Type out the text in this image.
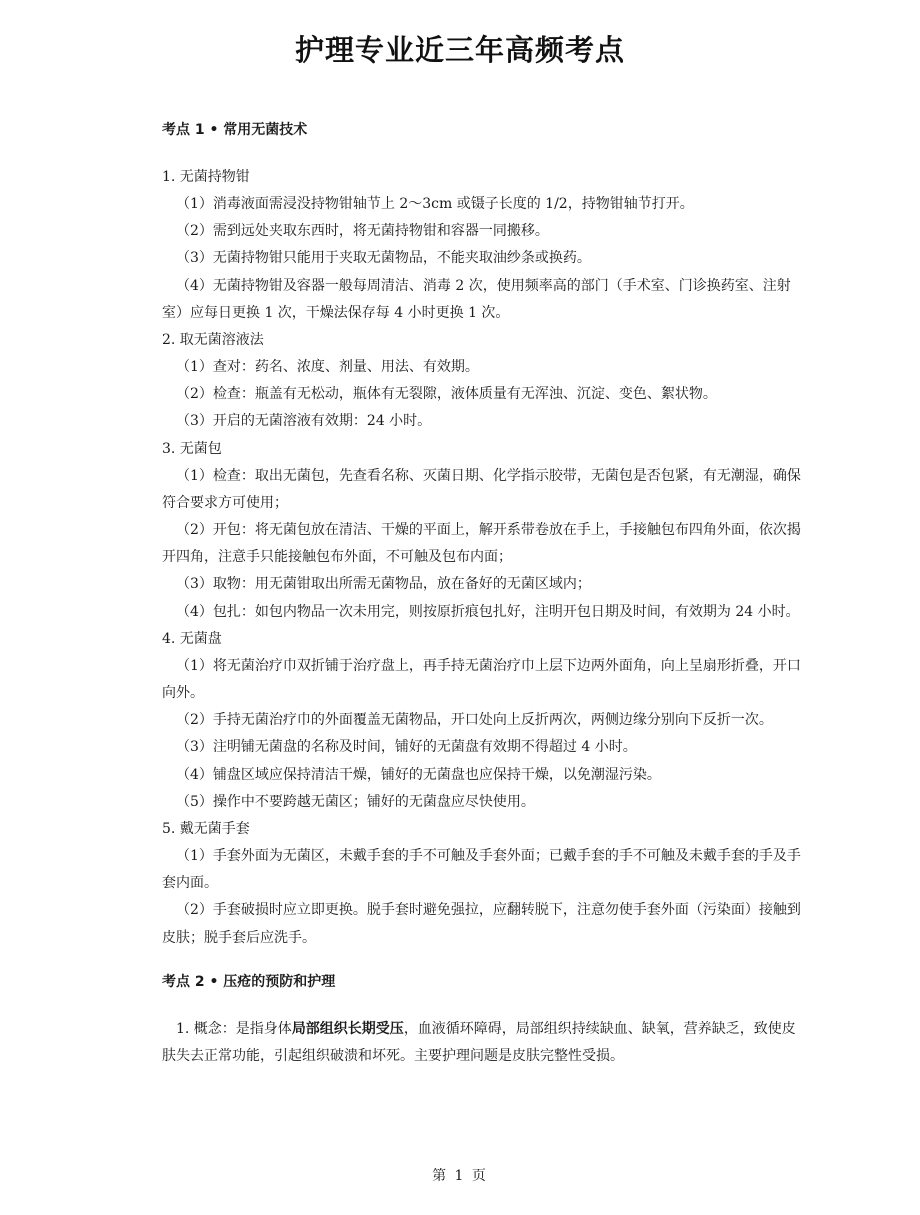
护理专业近三年高频考点
考点 1 • 常用无菌技术

1. 无菌持物钳

（1）消毒液面需浸没持物钳轴节上 2～3cm 或镊子长度的 1/2，持物钳轴节打开。

（2）需到远处夹取东西时，将无菌持物钳和容器一同搬移。

（3）无菌持物钳只能用于夹取无菌物品，不能夹取油纱条或换药。

（4）无菌持物钳及容器一般每周清洁、消毒 2 次，使用频率高的部门（手术室、门诊换药室、注射室）应每日更换 1 次，干燥法保存每 4 小时更换 1 次。

2. 取无菌溶液法

（1）查对：药名、浓度、剂量、用法、有效期。

（2）检查：瓶盖有无松动，瓶体有无裂隙，液体质量有无浑浊、沉淀、变色、絮状物。

（3）开启的无菌溶液有效期：24 小时。

3. 无菌包

（1）检查：取出无菌包，先查看名称、灭菌日期、化学指示胶带，无菌包是否包紧，有无潮湿，确保符合要求方可使用；

（2）开包：将无菌包放在清洁、干燥的平面上，解开系带卷放在手上，手接触包布四角外面，依次揭开四角，注意手只能接触包布外面，不可触及包布内面；

（3）取物：用无菌钳取出所需无菌物品，放在备好的无菌区域内；

（4）包扎：如包内物品一次未用完，则按原折痕包扎好，注明开包日期及时间，有效期为 24 小时。

4. 无菌盘

（1）将无菌治疗巾双折铺于治疗盘上，再手持无菌治疗巾上层下边两外面角，向上呈扇形折叠，开口向外。

（2）手持无菌治疗巾的外面覆盖无菌物品，开口处向上反折两次，两侧边缘分别向下反折一次。

（3）注明铺无菌盘的名称及时间，铺好的无菌盘有效期不得超过 4 小时。

（4）铺盘区域应保持清洁干燥，铺好的无菌盘也应保持干燥，以免潮湿污染。

（5）操作中不要跨越无菌区；铺好的无菌盘应尽快使用。

5. 戴无菌手套

（1）手套外面为无菌区，未戴手套的手不可触及手套外面；已戴手套的手不可触及未戴手套的手及手套内面。

（2）手套破损时应立即更换。脱手套时避免强拉，应翻转脱下，注意勿使手套外面（污染面）接触到皮肤；脱手套后应洗手。

考点 2 • 压疮的预防和护理

1. 概念：是指身体局部组织长期受压，血液循环障碍，局部组织持续缺血、缺氧，营养缺乏，致使皮肤失去正常功能，引起组织破溃和坏死。主要护理问题是皮肤完整性受损。

第 1 页
